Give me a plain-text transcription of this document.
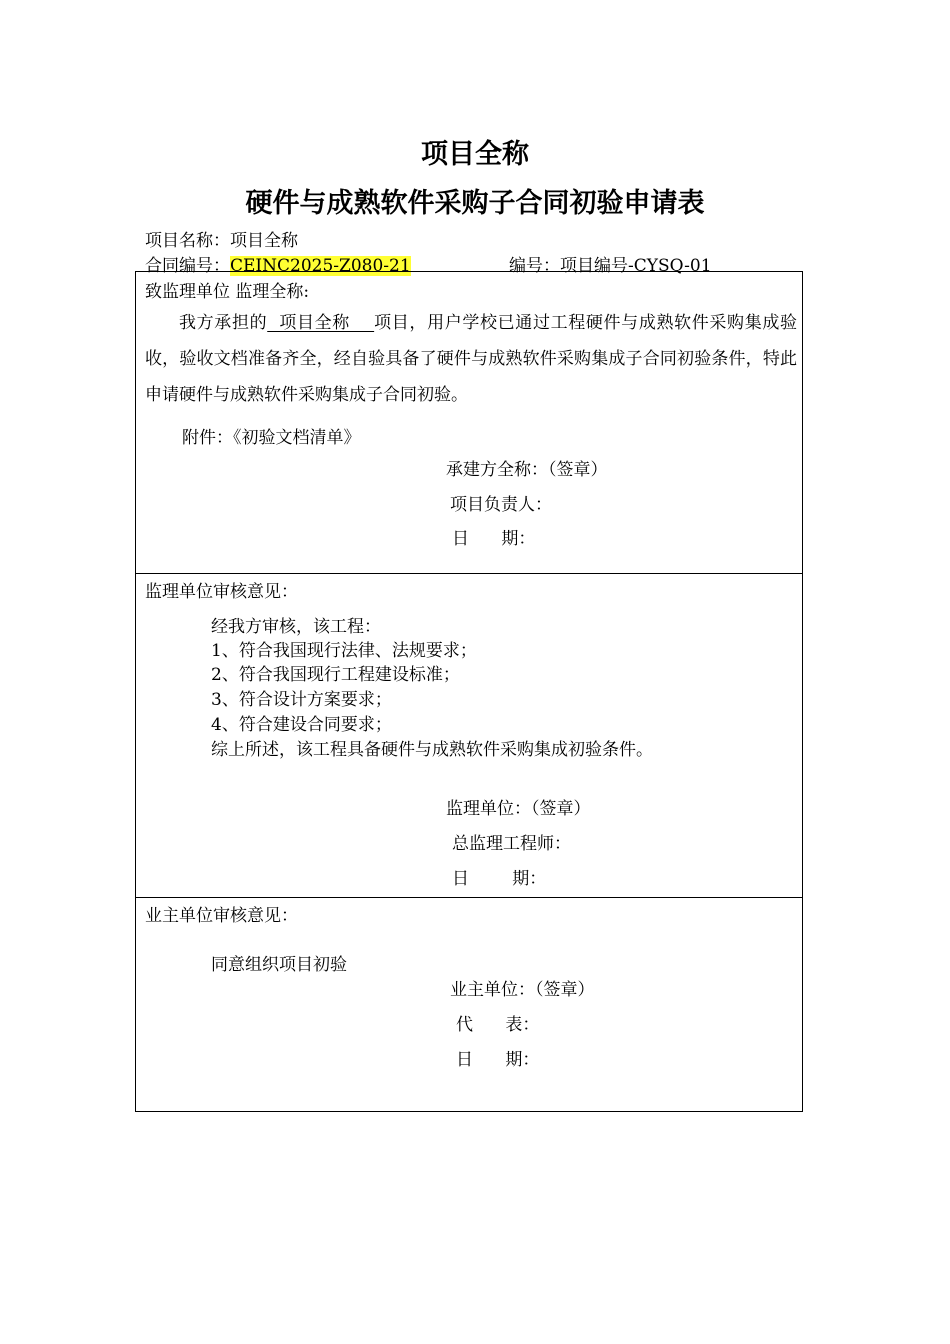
项目全称
硬件与成熟软件采购子合同初验申请表
项目名称：项目全称
合同编号：CEINC2025-Z080-21	编号：项目编号-CYSQ-01
致监理单位 监理全称:
我方承担的  项目全称    项目，用户学校已通过工程硬件与成熟软件采购集成验收，验收文档准备齐全，经自验具备了硬件与成熟软件采购集成子合同初验条件，特此申请硬件与成熟软件采购集成子合同初验。
附件：《初验文档清单》
承建方全称：（签章）
项目负责人：
日      期：
监理单位审核意见：
经我方审核，该工程：
1、符合我国现行法律、法规要求；
2、符合我国现行工程建设标准；
3、符合设计方案要求；
4、符合建设合同要求；
综上所述，该工程具备硬件与成熟软件采购集成初验条件。
监理单位：（签章）
总监理工程师：
日        期：
业主单位审核意见：
同意组织项目初验
业主单位：（签章）
代      表：
日      期：
